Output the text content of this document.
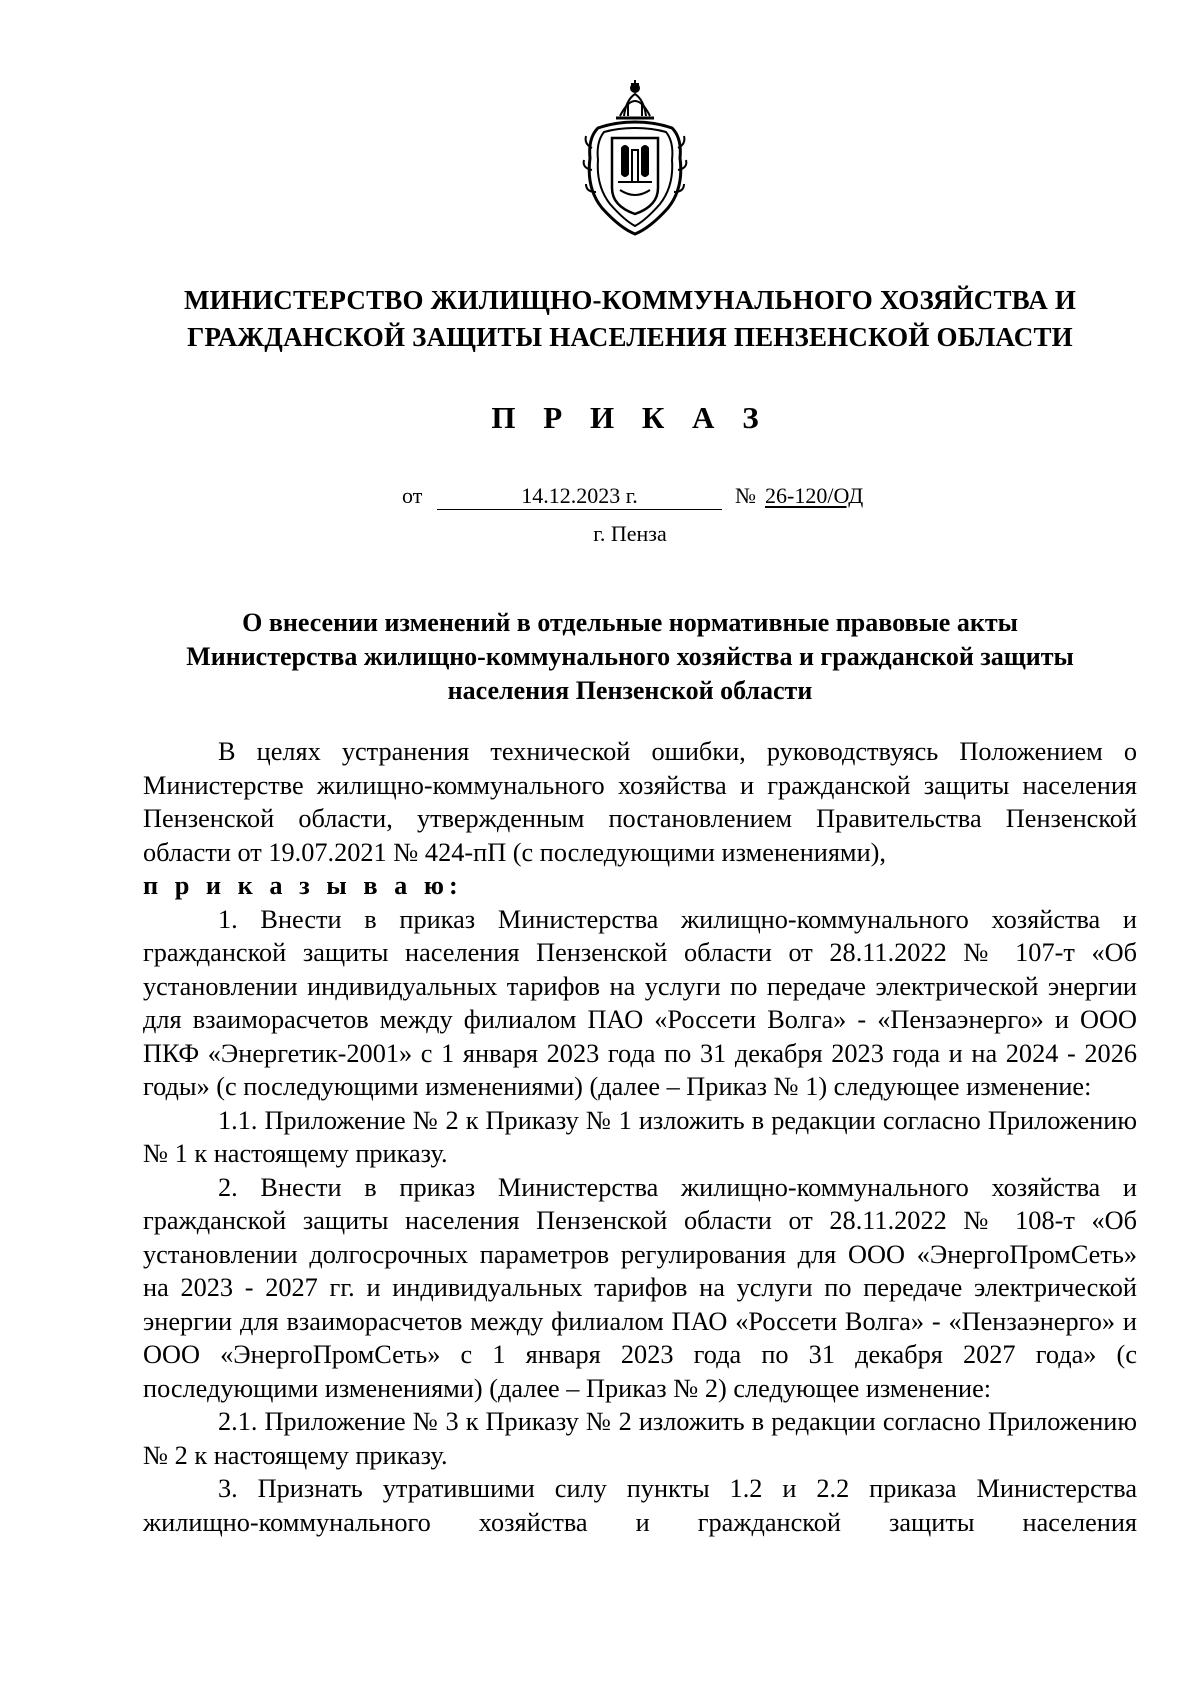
МИНИСТЕРСТВО ЖИЛИЩНО-КОММУНАЛЬНОГО ХОЗЯЙСТВА И
ГРАЖДАНСКОЙ ЗАЩИТЫ НАСЕЛЕНИЯ ПЕНЗЕНСКОЙ ОБЛАСТИ
П Р И К А З
от	14.12.2023 г.	№ 26-120/ОД
г. Пенза
О внесении изменений в отдельные нормативные правовые акты
Министерства жилищно-коммунального хозяйства и гражданской защиты
населения Пензенской области

В целях устранения технической ошибки, руководствуясь Положением о Министерстве жилищно-коммунального хозяйства и гражданской защиты населения Пензенской области, утвержденным постановлением Правительства Пензенской области от 19.07.2021 № 424-пП (с последующими изменениями),

п р и к а з ы в а ю:

1. Внести в приказ Министерства жилищно-коммунального хозяйства и гражданской защиты населения Пензенской области от 28.11.2022 № 107-т «Об установлении индивидуальных тарифов на услуги по передаче электрической энергии для взаиморасчетов между филиалом ПАО «Россети Волга» - «Пензаэнерго» и ООО ПКФ «Энергетик-2001» с 1 января 2023 года по 31 декабря 2023 года и на 2024 - 2026 годы» (с последующими изменениями) (далее – Приказ № 1) следующее изменение:

1.1. Приложение № 2 к Приказу № 1 изложить в редакции согласно Приложению № 1 к настоящему приказу.

2. Внести в приказ Министерства жилищно-коммунального хозяйства и гражданской защиты населения Пензенской области от 28.11.2022 № 108-т «Об установлении долгосрочных параметров регулирования для ООО «ЭнергоПромСеть» на 2023 - 2027 гг. и индивидуальных тарифов на услуги по передаче электрической энергии для взаиморасчетов между филиалом ПАО «Россети Волга» - «Пензаэнерго» и ООО «ЭнергоПромСеть» с 1 января 2023 года по 31 декабря 2027 года» (с последующими изменениями) (далее – Приказ № 2) следующее изменение:

2.1. Приложение № 3 к Приказу № 2 изложить в редакции согласно Приложению № 2 к настоящему приказу.

3. Признать утратившими силу пункты 1.2 и 2.2 приказа Министерства жилищно-коммунального хозяйства и гражданской защиты населения
